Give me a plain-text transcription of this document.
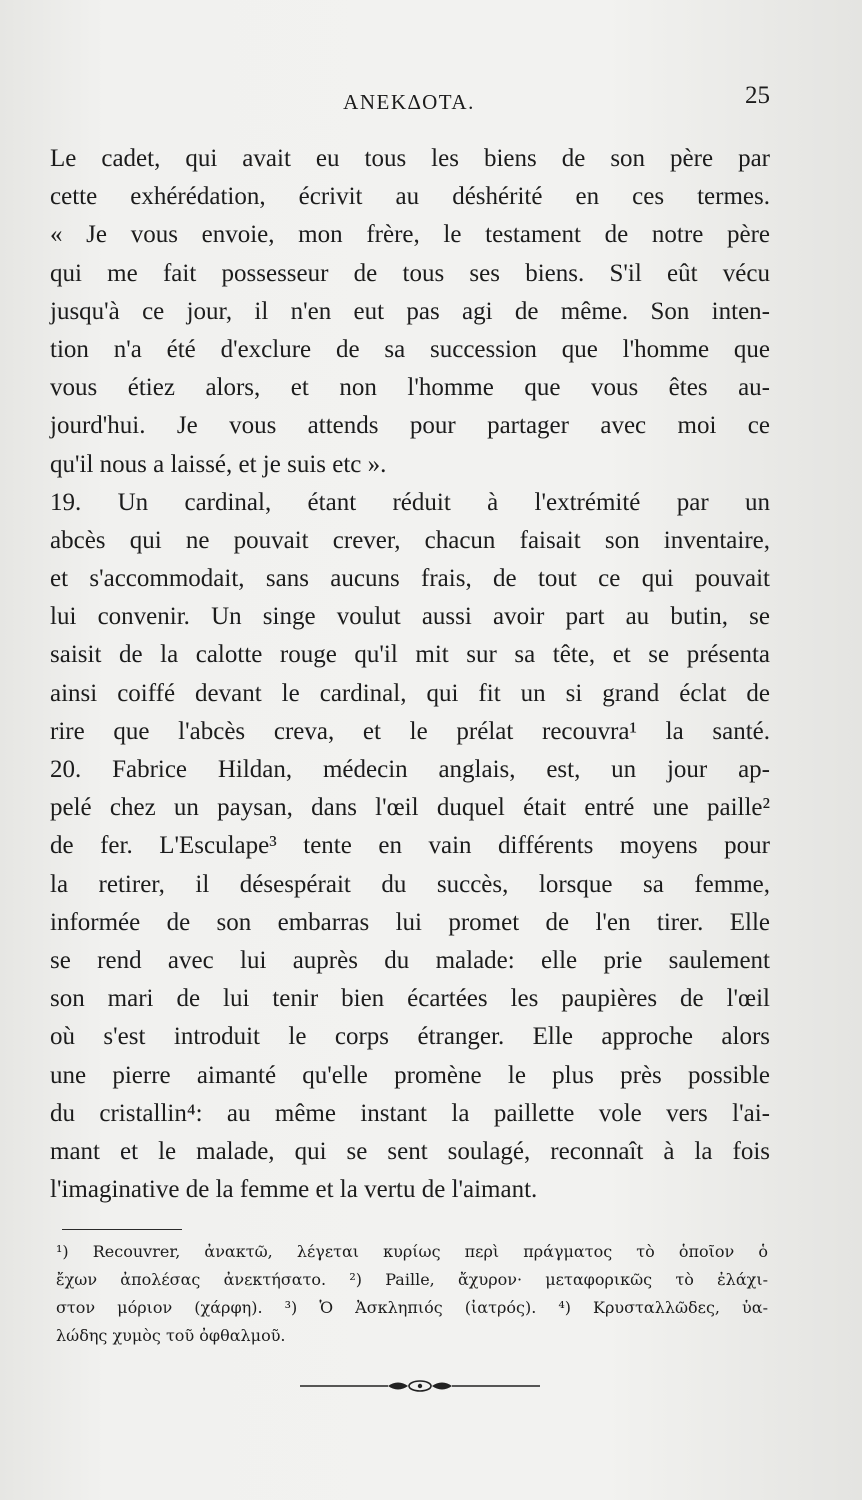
ΑΝΕΚΔΟΤΑ.	25
Le cadet, qui avait eu tous les biens de son père par
cette exhérédation, écrivit au déshérité en ces termes.
« Je vous envoie, mon frère, le testament de notre père
qui me fait possesseur de tous ses biens. S'il eût vécu
jusqu'à ce jour, il n'en eut pas agi de même. Son inten-
tion n'a été d'exclure de sa succession que l'homme que
vous étiez alors, et non l'homme que vous êtes au-
jourd'hui. Je vous attends pour partager avec moi ce
qu'il nous a laissé, et je suis etc ».
19. Un cardinal, étant réduit à l'extrémité par un
abcès qui ne pouvait crever, chacun faisait son inventaire,
et s'accommodait, sans aucuns frais, de tout ce qui pouvait
lui convenir. Un singe voulut aussi avoir part au butin, se
saisit de la calotte rouge qu'il mit sur sa tête, et se présenta
ainsi coiffé devant le cardinal, qui fit un si grand éclat de
rire que l'abcès creva, et le prélat recouvra¹ la santé.
20. Fabrice Hildan, médecin anglais, est, un jour ap-
pelé chez un paysan, dans l'œil duquel était entré une paille²
de fer. L'Esculape³ tente en vain différents moyens pour
la retirer, il désespérait du succès, lorsque sa femme,
informée de son embarras lui promet de l'en tirer. Elle
se rend avec lui auprès du malade: elle prie saulement
son mari de lui tenir bien écartées les paupières de l'œil
où s'est introduit le corps étranger. Elle approche alors
une pierre aimanté qu'elle promène le plus près possible
du cristallin⁴: au même instant la paillette vole vers l'ai-
mant et le malade, qui se sent soulagé, reconnaît à la fois
l'imaginative de la femme et la vertu de l'aimant.
¹) Recouvrer, ἀνακτῶ, λέγεται κυρίως περὶ πράγματος τὸ ὁποῖον ὁ
ἔχων ἀπολέσας ἀνεκτήσατο. ²) Paille, ἄχυρον· μεταφορικῶς τὸ ἐλάχι-
στον μόριον (χάρφη). ³) Ὁ Ἀσκληπιός (ἰατρός). ⁴) Κρυσταλλῶδες, ὑα-
λώδης χυμὸς τοῦ ὀφθαλμοῦ.
